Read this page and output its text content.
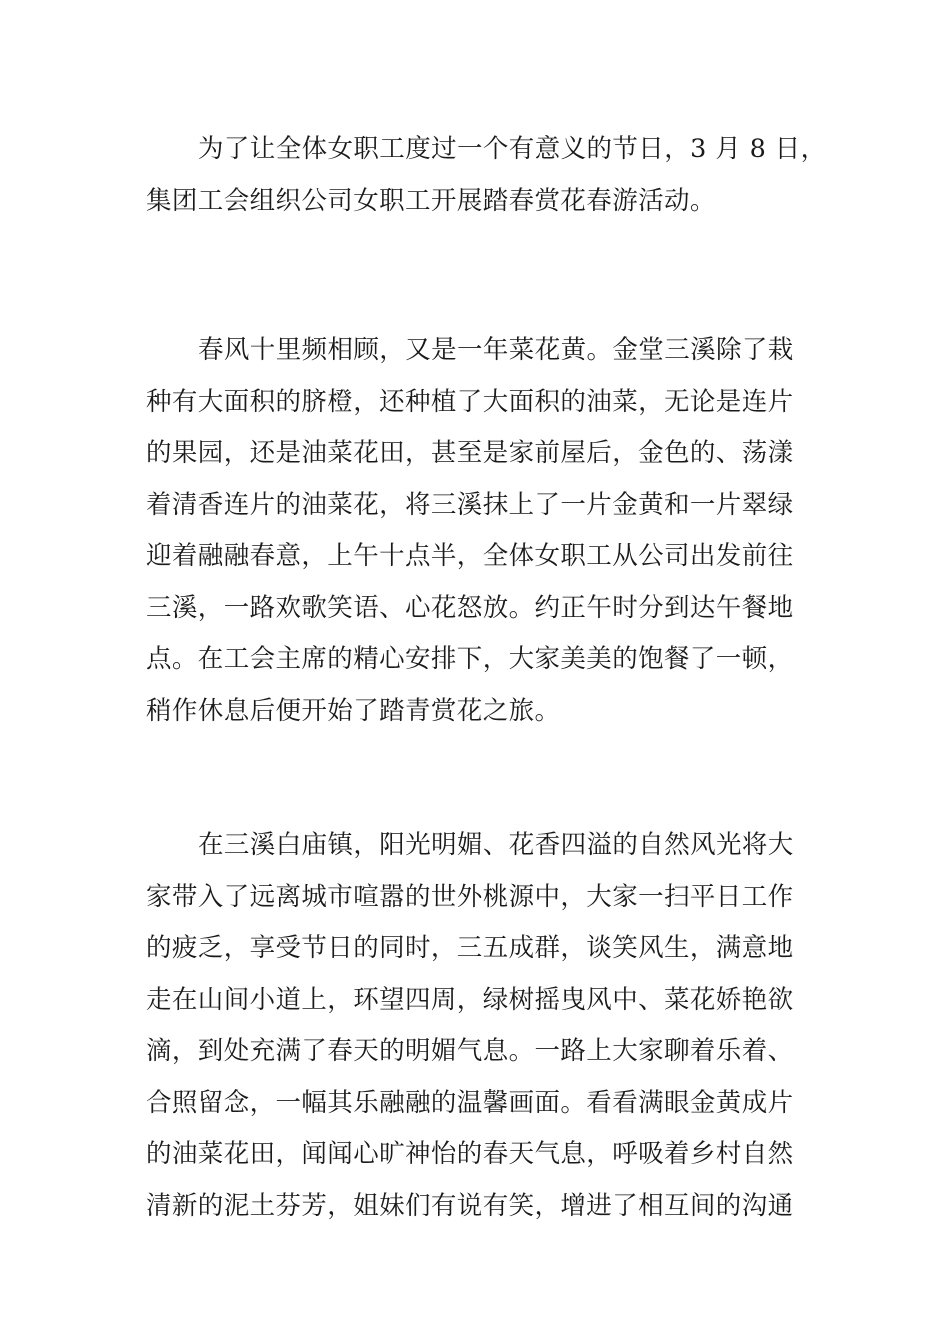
为了让全体女职工度过一个有意义的节日，3 月 8 日，
集团工会组织公司女职工开展踏春赏花春游活动。
春风十里频相顾，又是一年菜花黄。金堂三溪除了栽
种有大面积的脐橙，还种植了大面积的油菜，无论是连片
的果园，还是油菜花田，甚至是家前屋后，金色的、荡漾
着清香连片的油菜花，将三溪抹上了一片金黄和一片翠绿
迎着融融春意，上午十点半，全体女职工从公司出发前往
三溪，一路欢歌笑语、心花怒放。约正午时分到达午餐地
点。在工会主席的精心安排下，大家美美的饱餐了一顿，
稍作休息后便开始了踏青赏花之旅。
在三溪白庙镇，阳光明媚、花香四溢的自然风光将大
家带入了远离城市喧嚣的世外桃源中，大家一扫平日工作
的疲乏，享受节日的同时，三五成群，谈笑风生，满意地
走在山间小道上，环望四周，绿树摇曳风中、菜花娇艳欲
滴，到处充满了春天的明媚气息。一路上大家聊着乐着、
合照留念，一幅其乐融融的温馨画面。看看满眼金黄成片
的油菜花田，闻闻心旷神怡的春天气息，呼吸着乡村自然
清新的泥土芬芳，姐妹们有说有笑，增进了相互间的沟通
